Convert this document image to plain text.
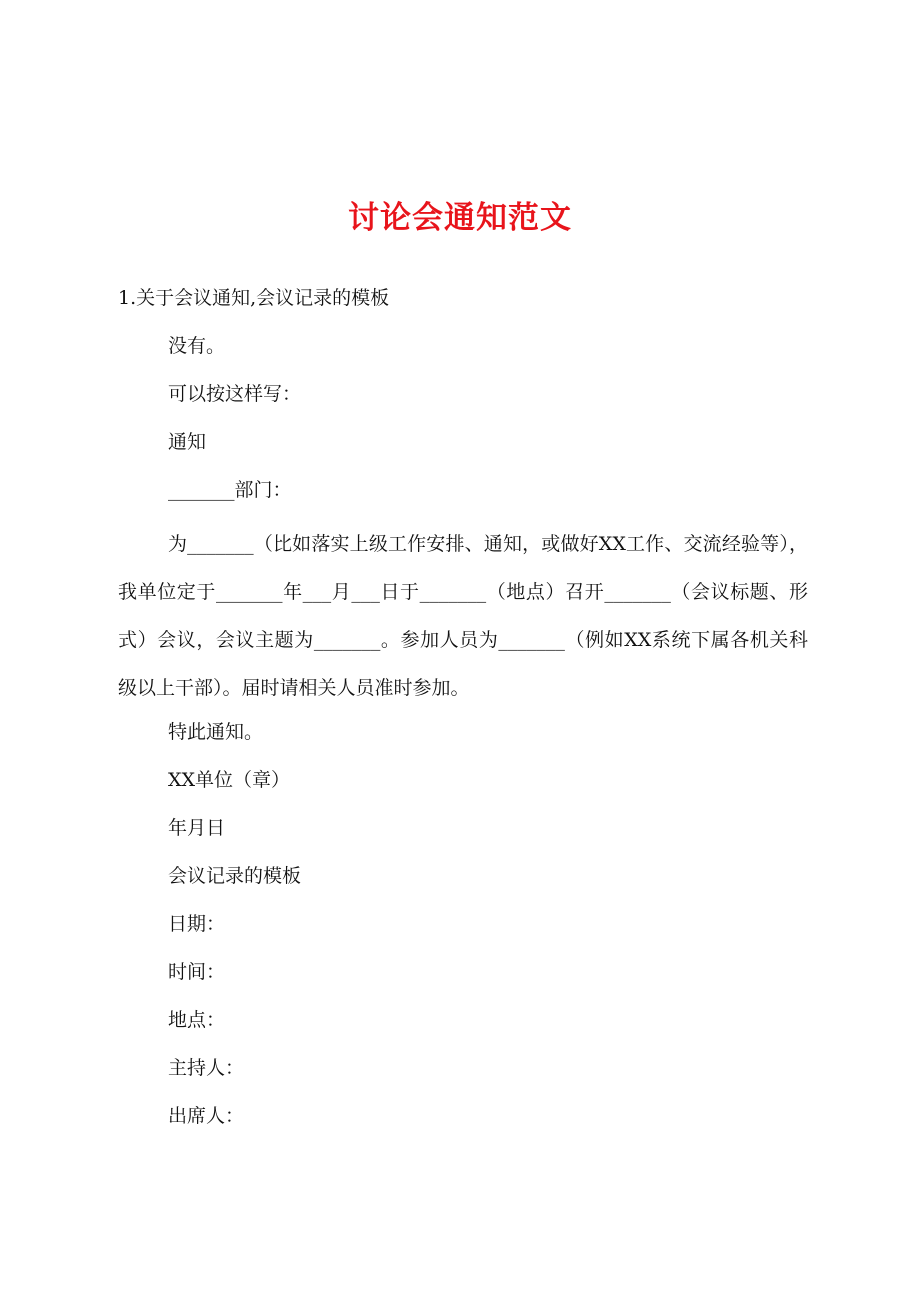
讨论会通知范文

1.关于会议通知,会议记录的模板

没有。

可以按这样写：

通知

_______部门：

为_______（比如落实上级工作安排、通知，或做好XX工作、交流经验等），我单位定于_______年___月___日于_______（地点）召开_______（会议标题、形式）会议，会议主题为_______。参加人员为_______（例如XX系统下属各机关科级以上干部）。届时请相关人员准时参加。

特此通知。

XX单位（章）

年月日

会议记录的模板

日期：

时间：

地点：

主持人：

出席人：
